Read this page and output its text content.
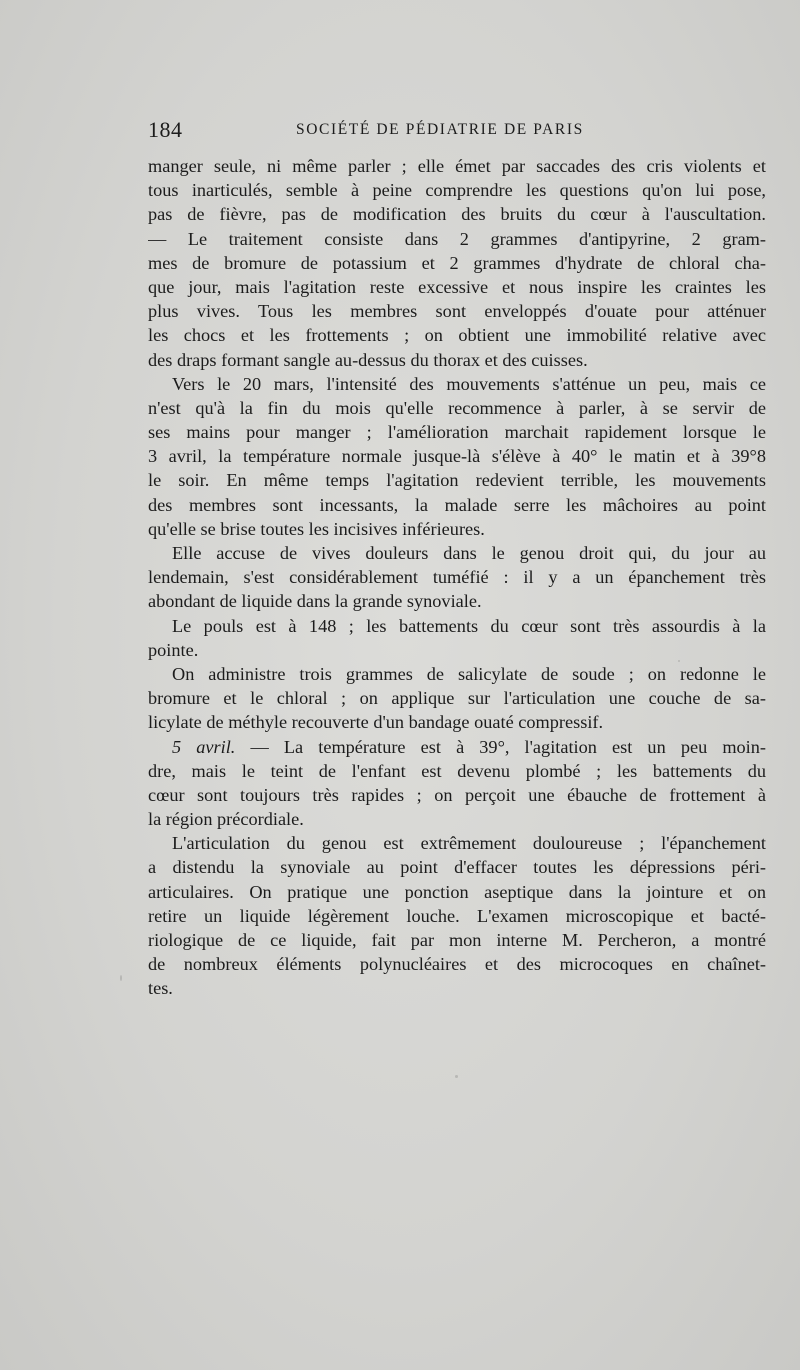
184	SOCIÉTÉ DE PÉDIATRIE DE PARIS
manger seule, ni même parler ; elle émet par saccades des cris violents et
tous inarticulés, semble à peine comprendre les questions qu'on lui pose,
pas de fièvre, pas de modification des bruits du cœur à l'auscultation.
— Le traitement consiste dans 2 grammes d'antipyrine, 2 gram-
mes de bromure de potassium et 2 grammes d'hydrate de chloral cha-
que jour, mais l'agitation reste excessive et nous inspire les craintes les
plus vives. Tous les membres sont enveloppés d'ouate pour atténuer
les chocs et les frottements ; on obtient une immobilité relative avec
des draps formant sangle au-dessus du thorax et des cuisses.
Vers le 20 mars, l'intensité des mouvements s'atténue un peu, mais ce
n'est qu'à la fin du mois qu'elle recommence à parler, à se servir de
ses mains pour manger ; l'amélioration marchait rapidement lorsque le
3 avril, la température normale jusque-là s'élève à 40° le matin et à 39°8
le soir. En même temps l'agitation redevient terrible, les mouvements
des membres sont incessants, la malade serre les mâchoires au point
qu'elle se brise toutes les incisives inférieures.
Elle accuse de vives douleurs dans le genou droit qui, du jour au
lendemain, s'est considérablement tuméfié : il y a un épanchement très
abondant de liquide dans la grande synoviale.
Le pouls est à 148 ; les battements du cœur sont très assourdis à la
pointe.
On administre trois grammes de salicylate de soude ; on redonne le
bromure et le chloral ; on applique sur l'articulation une couche de sa-
licylate de méthyle recouverte d'un bandage ouaté compressif.
5 avril. — La température est à 39°, l'agitation est un peu moin-
dre, mais le teint de l'enfant est devenu plombé ; les battements du
cœur sont toujours très rapides ; on perçoit une ébauche de frottement à
la région précordiale.
L'articulation du genou est extrêmement douloureuse ; l'épanchement
a distendu la synoviale au point d'effacer toutes les dépressions péri-
articulaires. On pratique une ponction aseptique dans la jointure et on
retire un liquide légèrement louche. L'examen microscopique et bacté-
riologique de ce liquide, fait par mon interne M. Percheron, a montré
de nombreux éléments polynucléaires et des microcoques en chaînet-
tes.
